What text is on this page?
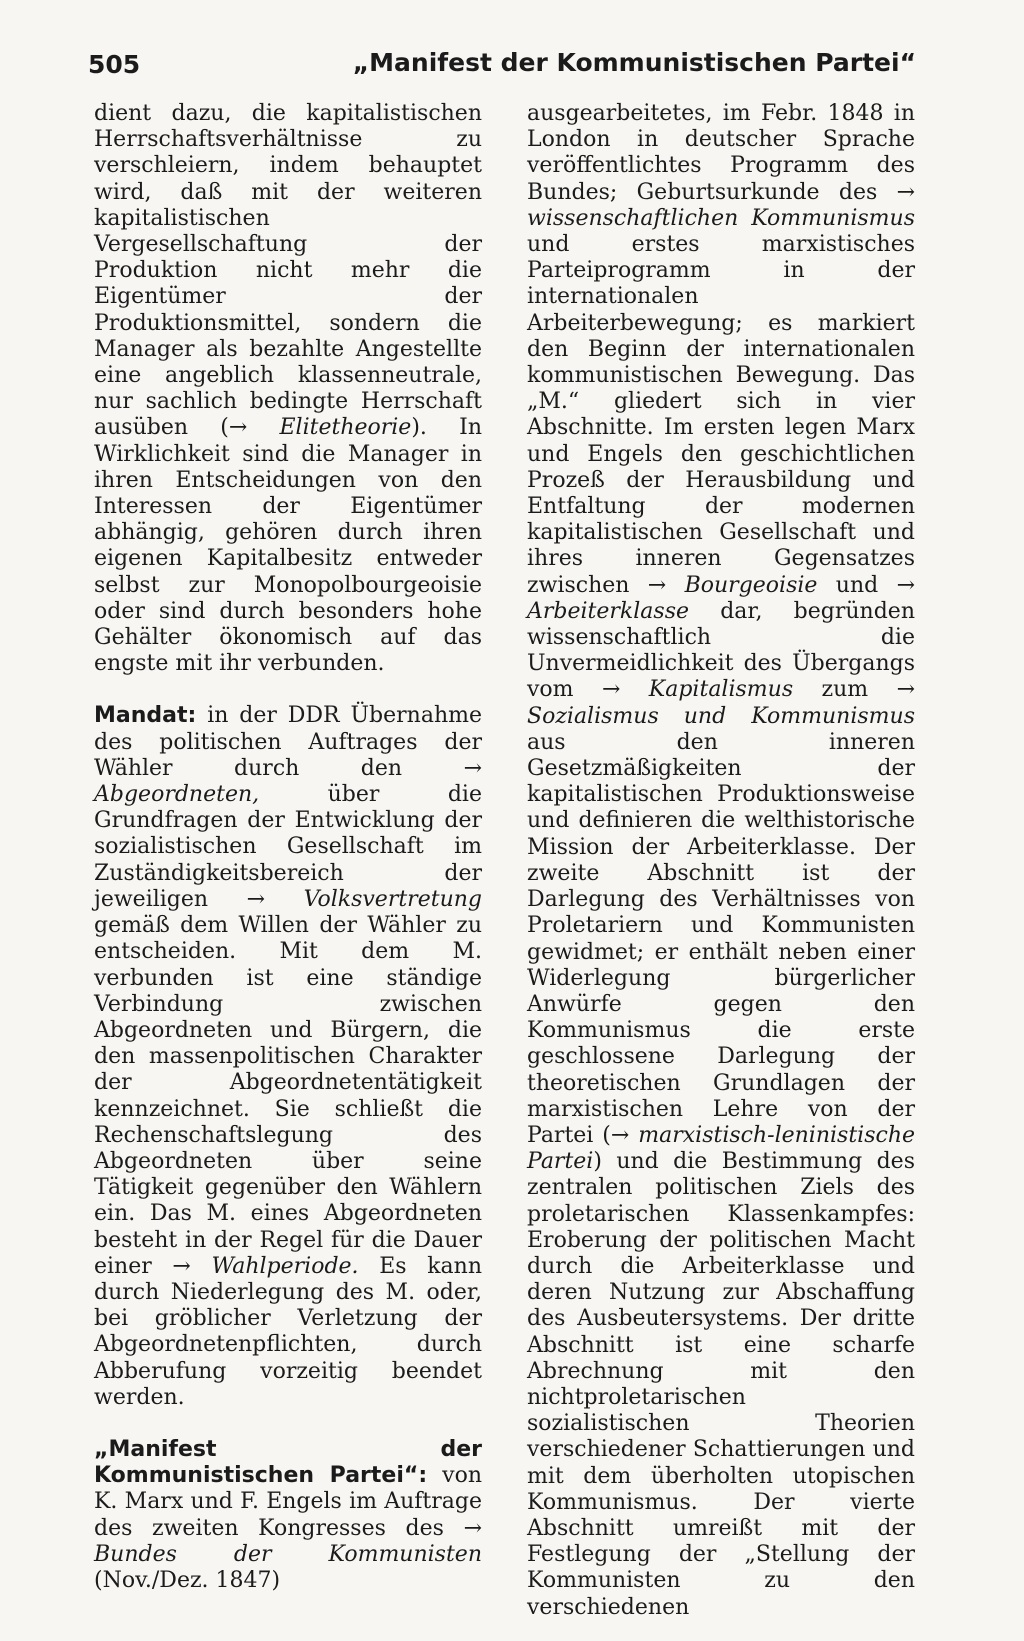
505	„Manifest der Kommunistischen Partei“

dient dazu, die kapitalistischen Herrschaftsverhältnisse zu verschleiern, indem behauptet wird, daß mit der weiteren kapitalistischen Vergesellschaftung der Produktion nicht mehr die Eigentümer der Produktionsmittel, sondern die Manager als bezahlte Angestellte eine angeblich klassenneutrale, nur sachlich bedingte Herrschaft ausüben (→ Elitetheorie). In Wirklichkeit sind die Manager in ihren Entscheidungen von den Interessen der Eigentümer abhängig, gehören durch ihren eigenen Kapitalbesitz entweder selbst zur Monopolbourgeoisie oder sind durch besonders hohe Gehälter ökonomisch auf das engste mit ihr verbunden.

Mandat: in der DDR Übernahme des politischen Auftrages der Wähler durch den → Abgeordneten, über die Grundfragen der Entwicklung der sozialistischen Gesellschaft im Zuständigkeitsbereich der jeweiligen → Volksvertretung gemäß dem Willen der Wähler zu entscheiden. Mit dem M. verbunden ist eine ständige Verbindung zwischen Abgeordneten und Bürgern, die den massenpolitischen Charakter der Abgeordnetentätigkeit kennzeichnet. Sie schließt die Rechenschaftslegung des Abgeordneten über seine Tätigkeit gegenüber den Wählern ein. Das M. eines Abgeordneten besteht in der Regel für die Dauer einer → Wahlperiode. Es kann durch Niederlegung des M. oder, bei gröblicher Verletzung der Abgeordnetenpflichten, durch Abberufung vorzeitig beendet werden.

„Manifest der Kommunistischen Partei“: von K. Marx und F. Engels im Auftrage des zweiten Kongresses des → Bundes der Kommunisten (Nov./Dez. 1847)

ausgearbeitetes, im Febr. 1848 in London in deutscher Sprache veröffentlichtes Programm des Bundes; Geburtsurkunde des → wissenschaftlichen Kommunismus und erstes marxistisches Parteiprogramm in der internationalen Arbeiterbewegung; es markiert den Beginn der internationalen kommunistischen Bewegung. Das „M.“ gliedert sich in vier Abschnitte. Im ersten legen Marx und Engels den geschichtlichen Prozeß der Herausbildung und Entfaltung der modernen kapitalistischen Gesellschaft und ihres inneren Gegensatzes zwischen → Bourgeoisie und → Arbeiterklasse dar, begründen wissenschaftlich die Unvermeidlichkeit des Übergangs vom → Kapitalismus zum → Sozialismus und Kommunismus aus den inneren Gesetzmäßigkeiten der kapitalistischen Produktionsweise und definieren die welthistorische Mission der Arbeiterklasse. Der zweite Abschnitt ist der Darlegung des Verhältnisses von Proletariern und Kommunisten gewidmet; er enthält neben einer Widerlegung bürgerlicher Anwürfe gegen den Kommunismus die erste geschlossene Darlegung der theoretischen Grundlagen der marxistischen Lehre von der Partei (→ marxistisch-leninistische Partei) und die Bestimmung des zentralen politischen Ziels des proletarischen Klassenkampfes: Eroberung der politischen Macht durch die Arbeiterklasse und deren Nutzung zur Abschaffung des Ausbeutersystems. Der dritte Abschnitt ist eine scharfe Abrechnung mit den nichtproletarischen sozialistischen Theorien verschiedener Schattierungen und mit dem überholten utopischen Kommunismus. Der vierte Abschnitt umreißt mit der Festlegung der „Stellung der Kommunisten zu den verschiedenen
